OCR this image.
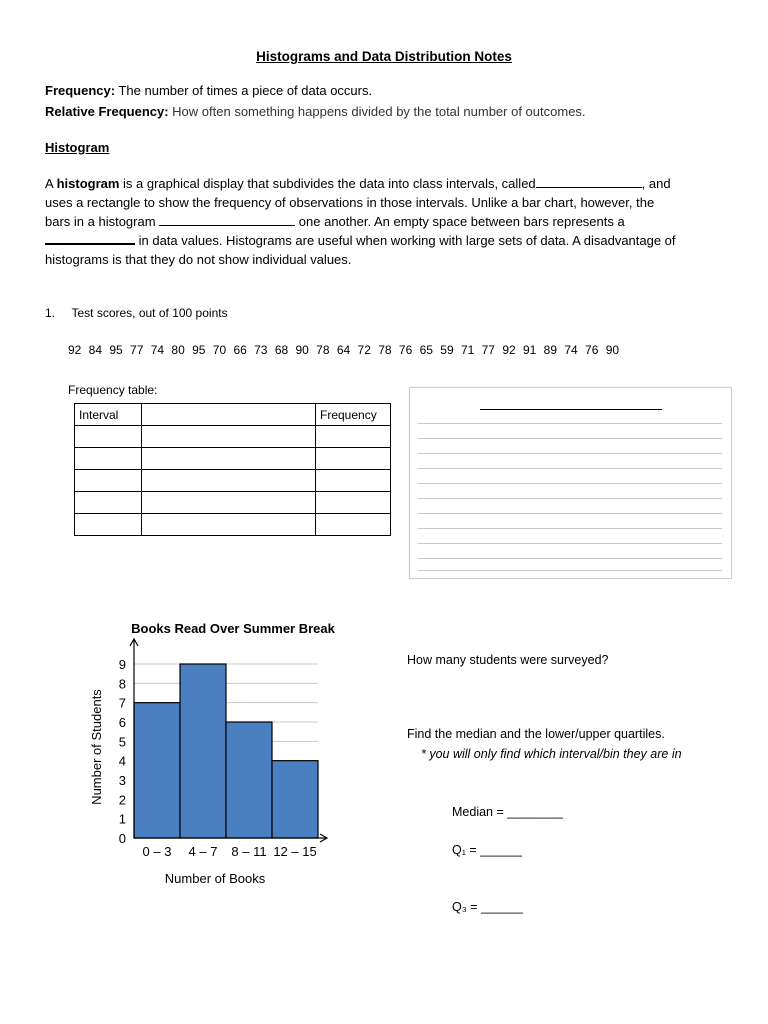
Histograms and Data Distribution Notes
Frequency: The number of times a piece of data occurs.
Relative Frequency: How often something happens divided by the total number of outcomes.
Histogram
A histogram is a graphical display that subdivides the data into class intervals, called	, and
uses a rectangle to show the frequency of observations in those intervals. Unlike a bar chart, however, the
bars in a histogram	one another. An empty space between bars represents a
in data values. Histograms are useful when working with large sets of data. A disadvantage of
histograms is that they do not show individual values.
1. Test scores, out of 100 points
92 84 95 77 74 80 95 70 66 73 68 90 78 64 72 78 76 65 59 71 77 92 91 89 74 76 90
Frequency table:
Interval		Frequency

Books Read Over Summer Break
Number of Books
Number of Students
0
1
2
3
4
5
6
7
8
9
0 – 3 4 – 7 8 – 11 12 – 15
How many students were surveyed?
Find the median and the lower/upper quartiles.
* you will only find which interval/bin they are in
Median = ________
Q₁ = ______
Q₃ = ______
